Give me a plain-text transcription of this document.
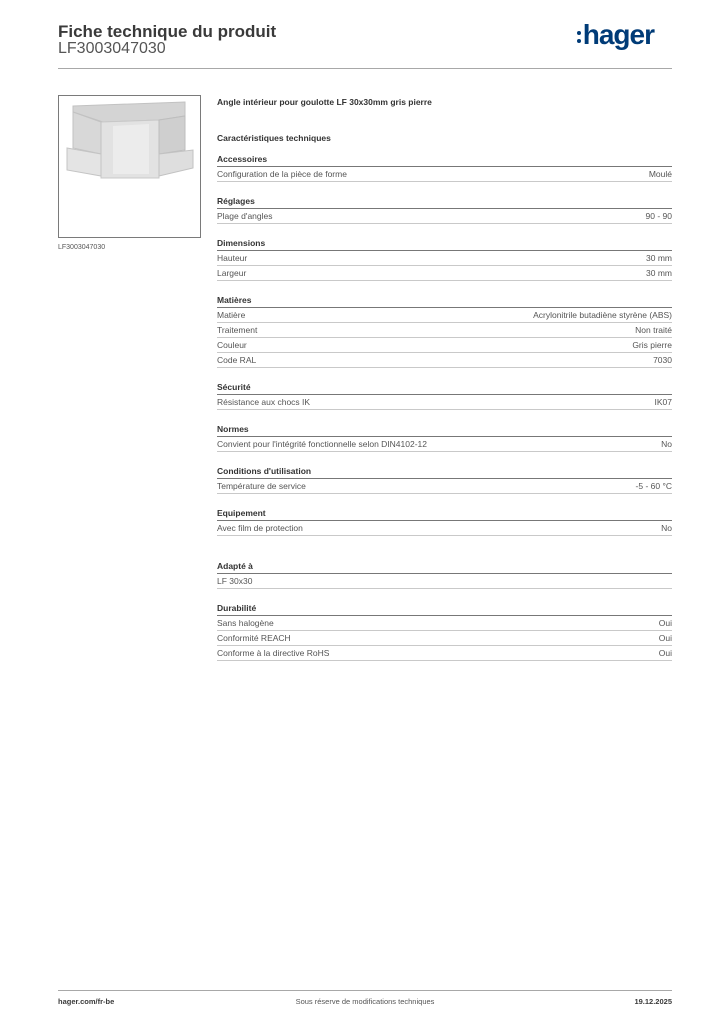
Fiche technique du produit
LF3003047030	hager
LF3003047030
Angle intérieur pour goulotte LF 30x30mm gris pierre
Caractéristiques techniques
Accessoires
Configuration de la pièce de forme	Moulé
Réglages
Plage d'angles	90 - 90
Dimensions
Hauteur	30 mm
Largeur	30 mm
Matières
Matière	Acrylonitrile butadiène styrène (ABS)
Traitement	Non traité
Couleur	Gris pierre
Code RAL	7030
Sécurité
Résistance aux chocs IK	IK07
Normes
Convient pour l'intégrité fonctionnelle selon DIN4102-12	No
Conditions d'utilisation
Température de service	-5 - 60 °C
Equipement
Avec film de protection	No
Adapté à
LF 30x30
Durabilité
Sans halogène	Oui
Conformité REACH	Oui
Conforme à la directive RoHS	Oui
hager.com/fr-be	Sous réserve de modifications techniques	19.12.2025
